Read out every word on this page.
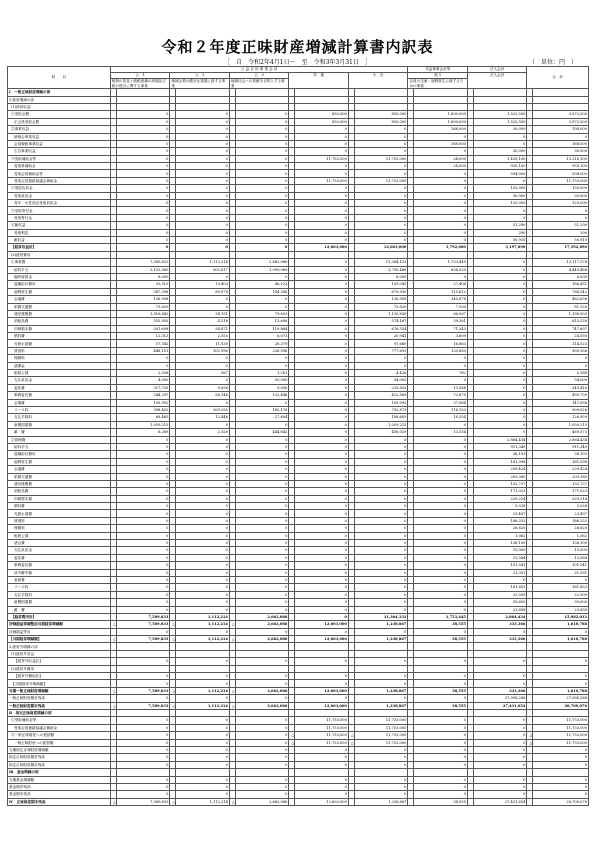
令和２年度正味財産増減計算書内訳表
［　自　令和2年4月1日～　至　令和3年3月31日　］	（　単位：円　）
科　　目	公 益 目 的 事 業 会 計										共益事業会計等		法人会計		合　計	
	公　1		公　2		公　3		共　通		小　計		他 1		法人会計			
	税制の普及と納税意識の高揚及び税の提言に関する事業		地域企業の健全な発展に資する事業		地域社会への貢献を目的とする事業						会員の交流・福利厚生に資するための事業					
Ⅰ　一般正味財産増減の部																
1.経常増減の部																
(1)経常収益																
①受取会費		0		0		0		850,000		850,000		1,600,000		1,522,500		3,972,500
正会員受取会費		0		0		0		850,000		850,000		1,600,000		1,522,500		3,972,500
②事業収益		0		0		0		0		0		168,000		30,000		198,000
研修会事業収益		0		0		0		0		0		0		0		0
会員親睦事業収益		0		0		0		0		0		168,000		0		168,000
広告事業収益		0		0		0		0		0		0		30,000		30,000
③受取補助金等		0		0		0		11,753,000		11,753,000		24,000		1,439,100		13,216,100
受取県補助金		0		0		0		0		0		24,000		935,100		959,100
受取会員補助金等		0		0		0		0		0		0		504,000		504,000
受取会員連絡協議会補助金		0		0		0		11,753,000		11,753,000		0		0		11,753,000
④受取負担金		0		0		0		0		0		0		155,000		155,000
受取負担金		0		0		0		0		0		0		30,000		30,000
青年・女性部会受取負担金		0		0		0		0		0		0		125,000		125,000
⑤受取寄付金		0		0		0		0		0		0		0		0
受取寄付金		0		0		0		0		0		0		0		0
⑥雑収益		0		0		0		0		0		0		51,290		51,290
受取利息		0		0		0		0		0		0		290		290
雑収益		0		0		0		0		0		0		50,910		50,910
【経常収益計】		0		0		0		12,603,000		12,603,000		1,792,000		3,197,890		17,592,890
(2)経常費用																
①事業費		7,589,833		1,112,214		2,662,086		0		11,364,133		1,753,445		0		13,117,578
給料手当		2,192,580		503,817		1,099,069		0		3,795,466		654,020		0		4,449,486
臨時雇賃金		8,000		0		0		0		8,000		0		0		8,000
退職給付費用		93,519		19,403		46,123		0		159,045		27,406		0		186,451
福利厚生費		387,596		89,078		194,266		0		670,930		115,612		0		786,542
会議費		136,958		0		0		0		136,958		345,678		0		482,636
旅費交通費		73,820		0		0		0		73,820		7,500		0		81,320
通信運搬費		1,016,842		34,191		79,803		0		1,130,836		66,067		0		1,196,903
消耗品費		555,955		4,516		13,696		0		574,167		39,361		0		613,528
印刷製本費		501,699		54,871		119,884		0		676,354		71,343		0		747,697
燃料費		12,313		2,555		6,073		0		20,941		3,609		0		24,550
光熱水道費		57,342		11,939		28,379		0		97,660		16,863		0		114,523
賃借料		448,101		102,996		226,596		0		777,693		133,663		0		909,356
保険料		0		0		0		0		0		0		0		0
諸謝金		0		0		0		0		0		0		0		0
租税公課		2,558		587		1,281		0		4,426		762		0		5,188
支払負担金		4,000		0		50,000		0		54,000		0		0		54,000
委託費		217,720		9,056		9,056		0		235,832		13,584		0		249,416
事務委託費		244,297		56,146		122,446		0		422,889		72,870		0		495,759
会場費		109,992		0		0		0		109,992		37,064		0		147,056
リース料		398,402		209,295		185,176		0		792,873		116,153		0		909,026
支払手数料		68,465		12,446		27,694		0		108,605		18,354		0		126,959
新聞図書費		1,059,215		0		0		0		1,059,215		0		0		1,059,215
雑　費		8,269		2,328		444,642		0		456,029		13,554		0		469,573
②管理費		0		0		0		0		0		0		2,864,434		2,864,434
給料手当		0		0		0		0		0		0		911,349		911,349
退職給付費用		0		0		0		0		0		0		38,193		38,193
福利厚生費		0		0		0		0		0		0		161,098		161,098
会議費		0		0		0		0		0		0		239,424		239,424
旅費交通費		0		0		0		0		0		0		209,380		209,380
通信運搬費		0		0		0		0		0		0		132,737		132,737
消耗品費		0		0		0		0		0		0		171,023		171,023
印刷製本費		0		0		0		0		0		0		229,214		229,214
燃料費		0		0		0		0		0		0		5,028		5,028
光熱水道費		0		0		0		0		0		0		23,497		23,497
賃借料		0		0		0		0		0		0		186,252		186,252
保険料		0		0		0		0		0		0		26,820		26,820
租税公課		0		0		0		0		0		0		1,062		1,062
諸会費		0		0		0		0		0		0		136,100		136,100
支払負担金		0		0		0		0		0		0		15,000		15,000
委託費		0		0		0		0		0		0		13,584		13,584
事務委託費		0		0		0		0		0		0		101,541		101,541
渉外慶弔費		0		0		0		0		0		0		21,351		21,351
表彰費		0		0		0		0		0		0		0		0
リース料		0		0		0		0		0		0		161,853		161,853
支払手数料		0		0		0		0		0		0		22,509		22,509
新聞図書費		0		0		0		0		0		0		39,600		39,600
雑　費		0		0		0		0		0		0		23,858		23,858
【経常費用計】		7,589,833		1,112,214		2,662,086		0		11,364,133		1,753,445		2,864,434		15,982,012
評価損益等調整前当期経常増減額	△	7,589,833	△	1,112,214	△	2,662,086		12,603,000		1,238,867		38,555		333,366		1,610,788
評価損益等計		0		0		0		0		0		0		0		0
【当期経常増減額】	△	7,589,833	△	1,112,214	△	2,662,086		12,603,000		1,238,867		38,555		333,366		1,610,788
2.経常外増減の部																
(1)経常外収益																
【経常外収益計】		0		0		0		0		0		0		0		0
(2)経常外費用																
【経常外費用計】		0		0		0		0		0		0		0		0
【当期経常外増減額】		0		0		0		0		0		0		0		0
当期一般正味財産増減額	△	7,589,833	△	1,112,214	△	2,662,086		12,603,000		1,238,867		38,555		333,366		1,610,788
一般正味財産期首残高		0		0		0		0		0		0		27,098,288		27,098,288
一般正味財産期末残高	△	7,589,833	△	1,112,214	△	2,662,086		12,603,000		1,238,867		38,555		27,431,654		28,709,076
Ⅱ　指定正味財産増減の部																
①受取補助金等		0		0		0		11,753,000		11,753,000		0		0		11,753,000
受取会員連絡協議会補助金		0		0		0		11,753,000		11,753,000		0		0		11,753,000
②一般正味財産への振替額		0		0		0	△	11,753,000	△	11,753,000		0		0	△	11,753,000
一般正味財産への振替額		0		0		0	△	11,753,000	△	11,753,000		0		0	△	11,753,000
当期指定正味財産増減額		0		0		0		0		0		0		0		0
指定正味財産期首残高		0		0		0		0		0		0		0		0
指定正味財産期末残高		0		0		0		0		0		0		0		0
Ⅲ　基金増減の部																
当期基金増減額		0		0		0		0		0		0		0		0
基金期首残高		0		0		0		0		0		0		0		0
基金期末残高		0		0		0		0		0		0		0		0
Ⅳ　正味財産期末残高	△	7,589,833	△	1,112,214	△	2,662,086		12,603,000		1,238,867		38,555		27,431,654		28,709,076
